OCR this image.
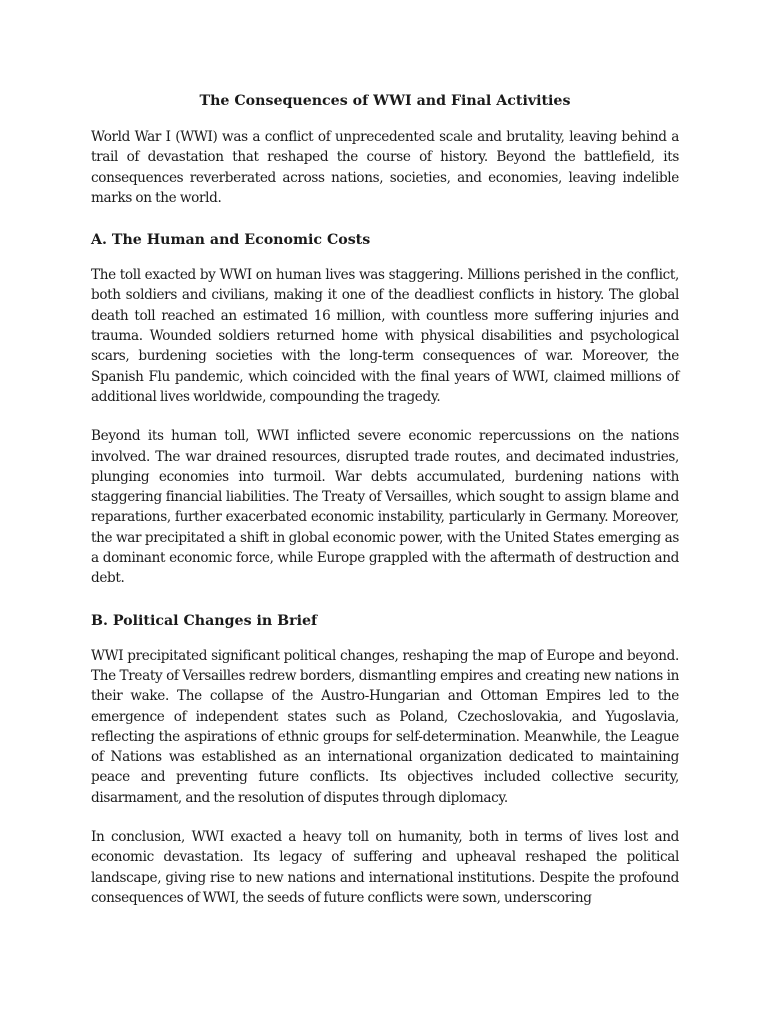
The Consequences of WWI and Final Activities

World War I (WWI) was a conflict of unprecedented scale and brutality, leaving behind a trail of devastation that reshaped the course of history. Beyond the battlefield, its consequences reverberated across nations, societies, and economies, leaving indelible marks on the world.

A. The Human and Economic Costs

The toll exacted by WWI on human lives was staggering. Millions perished in the conflict, both soldiers and civilians, making it one of the deadliest conflicts in history. The global death toll reached an estimated 16 million, with countless more suffering injuries and trauma. Wounded soldiers returned home with physical disabilities and psychological scars, burdening societies with the long-term consequences of war. Moreover, the Spanish Flu pandemic, which coincided with the final years of WWI, claimed millions of additional lives worldwide, compounding the tragedy.

Beyond its human toll, WWI inflicted severe economic repercussions on the nations involved. The war drained resources, disrupted trade routes, and decimated industries, plunging economies into turmoil. War debts accumulated, burdening nations with staggering financial liabilities. The Treaty of Versailles, which sought to assign blame and reparations, further exacerbated economic instability, particularly in Germany. Moreover, the war precipitated a shift in global economic power, with the United States emerging as a dominant economic force, while Europe grappled with the aftermath of destruction and debt.

B. Political Changes in Brief

WWI precipitated significant political changes, reshaping the map of Europe and beyond. The Treaty of Versailles redrew borders, dismantling empires and creating new nations in their wake. The collapse of the Austro-Hungarian and Ottoman Empires led to the emergence of independent states such as Poland, Czechoslovakia, and Yugoslavia, reflecting the aspirations of ethnic groups for self-determination. Meanwhile, the League of Nations was established as an international organization dedicated to maintaining peace and preventing future conflicts. Its objectives included collective security, disarmament, and the resolution of disputes through diplomacy.

In conclusion, WWI exacted a heavy toll on humanity, both in terms of lives lost and economic devastation. Its legacy of suffering and upheaval reshaped the political landscape, giving rise to new nations and international institutions. Despite the profound consequences of WWI, the seeds of future conflicts were sown, underscoring
